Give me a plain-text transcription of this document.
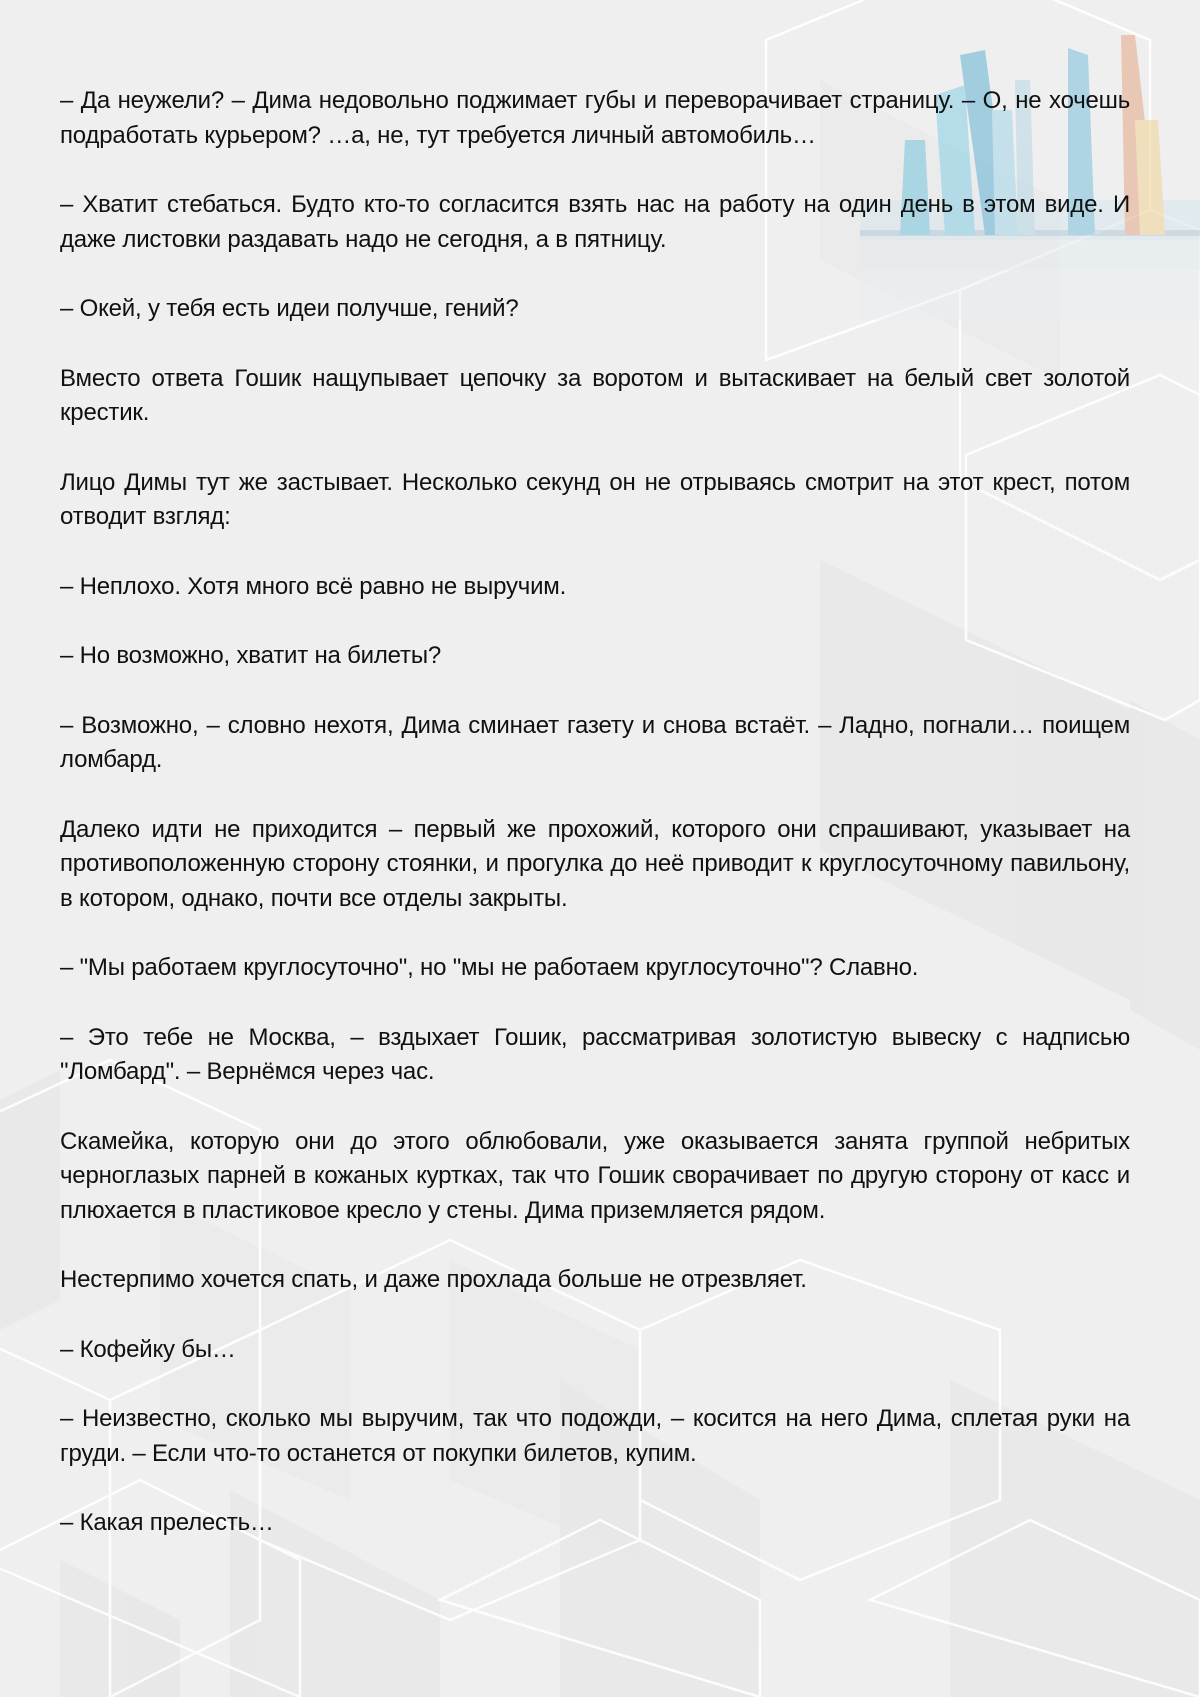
– Да неужели? – Дима недовольно поджимает губы и переворачивает страницу. – О, не хочешь подработать курьером? …а, не, тут требуется личный автомобиль…

– Хватит стебаться. Будто кто-то согласится взять нас на работу на один день в этом виде. И даже листовки раздавать надо не сегодня, а в пятницу.

– Окей, у тебя есть идеи получше, гений?

Вместо ответа Гошик нащупывает цепочку за воротом и вытаскивает на белый свет золотой крестик.

Лицо Димы тут же застывает. Несколько секунд он не отрываясь смотрит на этот крест, потом отводит взгляд:

– Неплохо. Хотя много всё равно не выручим.

– Но возможно, хватит на билеты?

– Возможно, – словно нехотя, Дима сминает газету и снова встаёт. – Ладно, погнали… поищем ломбард.

Далеко идти не приходится – первый же прохожий, которого они спрашивают, указывает на противоположенную сторону стоянки, и прогулка до неё приводит к круглосуточному павильону, в котором, однако, почти все отделы закрыты.

– "Мы работаем круглосуточно", но "мы не работаем круглосуточно"? Славно.

– Это тебе не Москва, – вздыхает Гошик, рассматривая золотистую вывеску с надписью "Ломбард". – Вернёмся через час.

Скамейка, которую они до этого облюбовали, уже оказывается занята группой небритых черноглазых парней в кожаных куртках, так что Гошик сворачивает по другую сторону от касс и плюхается в пластиковое кресло у стены. Дима приземляется рядом.

Нестерпимо хочется спать, и даже прохлада больше не отрезвляет.

– Кофейку бы…

– Неизвестно, сколько мы выручим, так что подожди, – косится на него Дима, сплетая руки на груди. – Если что-то останется от покупки билетов, купим.

– Какая прелесть…
